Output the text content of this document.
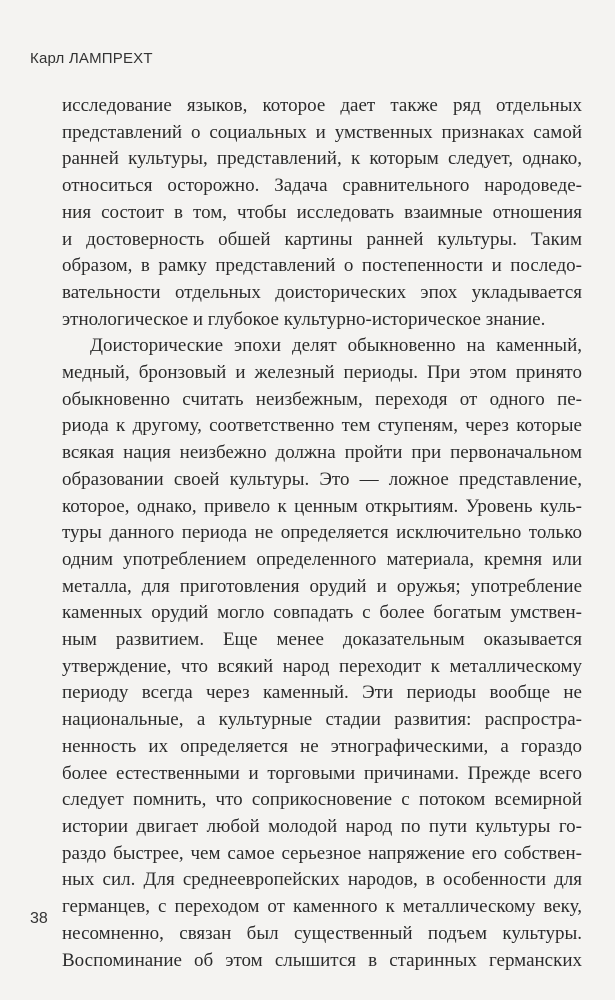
Карл ЛАМПРЕХТ
исследование языков, которое дает также ряд отдельных
представлений о социальных и умственных признаках самой
ранней культуры, представлений, к которым следует, однако,
относиться осторожно. Задача сравнительного народоведе-
ния состоит в том, чтобы исследовать взаимные отношения
и достоверность обшей картины ранней культуры. Таким
образом, в рамку представлений о постепенности и последо-
вательности отдельных доисторических эпох укладывается
этнологическое и глубокое культурно-историческое знание.
Доисторические эпохи делят обыкновенно на каменный,
медный, бронзовый и железный периоды. При этом принято
обыкновенно считать неизбежным, переходя от одного пе-
риода к другому, соответственно тем ступеням, через которые
всякая нация неизбежно должна пройти при первоначальном
образовании своей культуры. Это — ложное представление,
которое, однако, привело к ценным открытиям. Уровень куль-
туры данного периода не определяется исключительно только
одним употреблением определенного материала, кремня или
металла, для приготовления орудий и оружья; употребление
каменных орудий могло совпадать с более богатым умствен-
ным развитием. Еще менее доказательным оказывается
утверждение, что всякий народ переходит к металлическому
периоду всегда через каменный. Эти периоды вообще не
национальные, а культурные стадии развития: распростра-
ненность их определяется не этнографическими, а гораздо
более естественными и торговыми причинами. Прежде всего
следует помнить, что соприкосновение с потоком всемирной
истории двигает любой молодой народ по пути культуры го-
раздо быстрее, чем самое серьезное напряжение его собствен-
ных сил. Для среднеевропейских народов, в особенности для
германцев, с переходом от каменного к металлическому веку,
несомненно, связан был существенный подъем культуры.
Воспоминание об этом слышится в старинных германских
38
